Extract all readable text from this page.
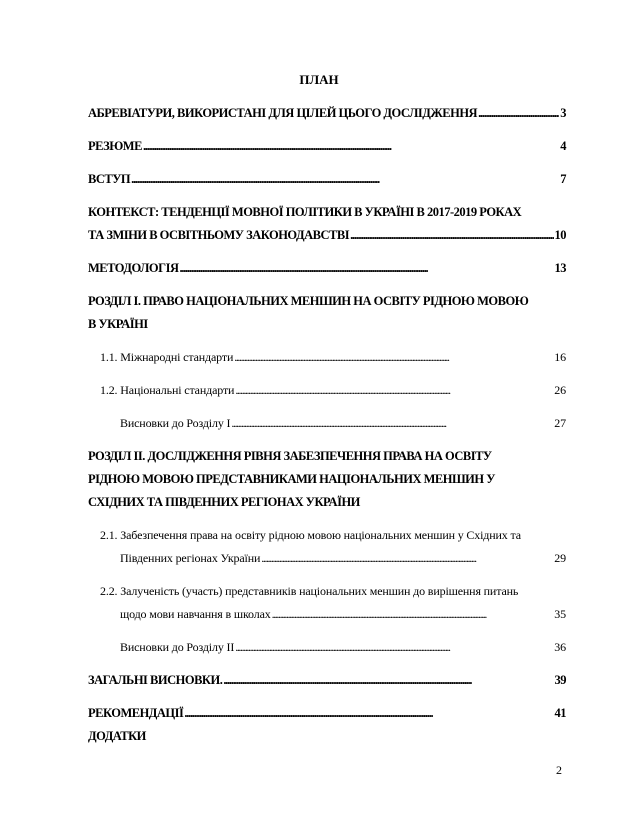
ПЛАН
АБРЕВІАТУРИ, ВИКОРИСТАНІ ДЛЯ ЦІЛЕЙ ЦЬОГО ДОСЛІДЖЕННЯ . . .	3
РЕЗЮМЕ . . .	4
ВСТУП . . .	7
КОНТЕКСТ: ТЕНДЕНЦІЇ МОВНОЇ ПОЛІТИКИ В УКРАЇНІ В 2017-2019 РОКАХ
ТА ЗМІНИ В ОСВІТНЬОМУ ЗАКОНОДАВСТВІ . . .	10
МЕТОДОЛОГІЯ . . .	13
РОЗДІЛ І. ПРАВО НАЦІОНАЛЬНИХ МЕНШИН НА ОСВІТУ РІДНОЮ МОВОЮ
В УКРАЇНІ
1.1. Міжнародні стандарти . . .	16
1.2. Національні стандарти . . .	26
Висновки до Розділу І . . .	27
РОЗДІЛ ІІ. ДОСЛІДЖЕННЯ РІВНЯ ЗАБЕЗПЕЧЕННЯ ПРАВА НА ОСВІТУ
РІДНОЮ МОВОЮ ПРЕДСТАВНИКАМИ НАЦІОНАЛЬНИХ МЕНШИН У
СХІДНИХ ТА ПІВДЕННИХ РЕГІОНАХ УКРАЇНИ
2.1. Забезпечення права на освіту рідною мовою національних меншин у Східних та
Південних регіонах України . . .	29
2.2. Залученість (участь) представників національних меншин до вирішення питань
щодо мови навчання в школах . . .	35
Висновки до Розділу ІІ . . .	36
ЗАГАЛЬНІ ВИСНОВКИ. . . .	39
РЕКОМЕНДАЦІЇ . . .	41
ДОДАТКИ
2
